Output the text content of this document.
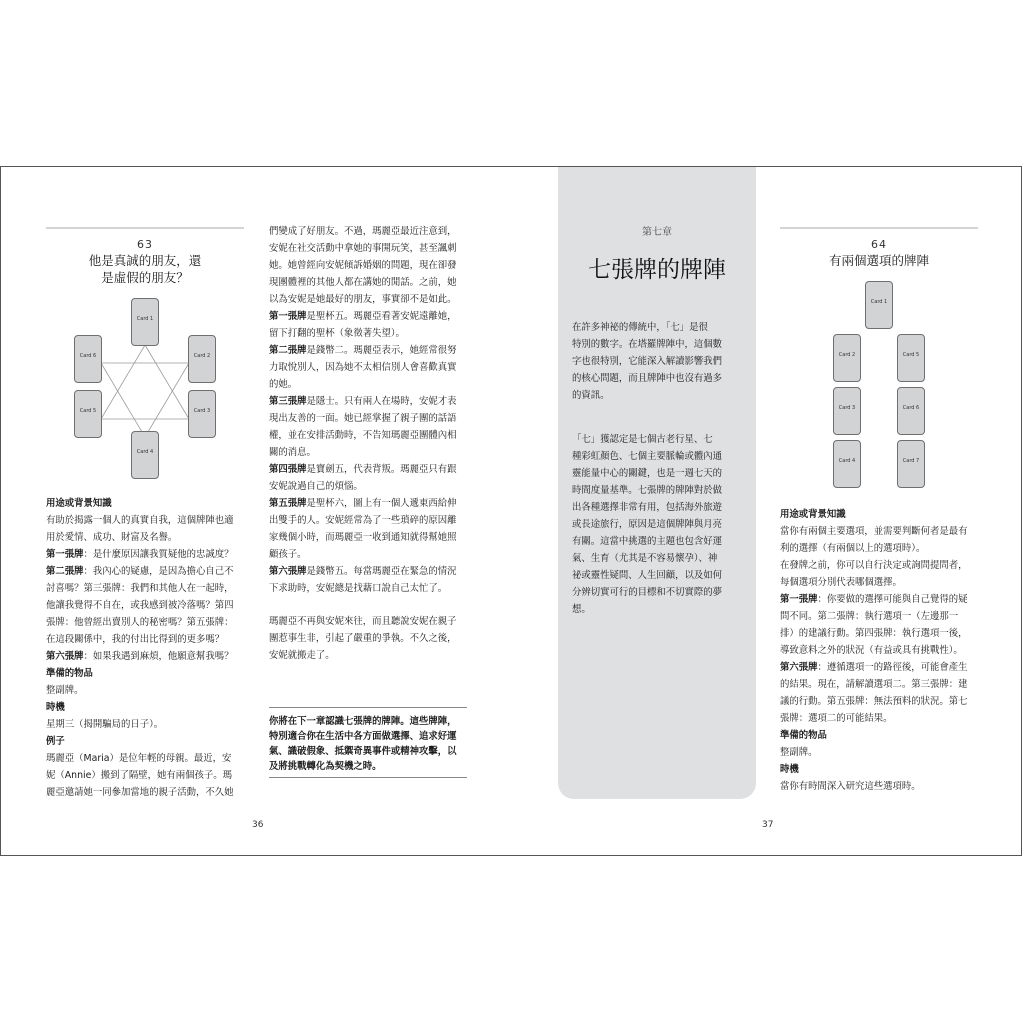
63
他是真誠的朋友，還
是虛假的朋友？
Card 1
Card 6	Card 2
Card 5	Card 3
Card 4

用途或背景知識

有助於揭露一個人的真實自我，這個牌陣也適

用於愛情、成功、財富及名譽。

第一張牌：是什麼原因讓我質疑他的忠誠度？

第二張牌：我內心的疑慮，是因為擔心自己不

討喜嗎？第三張牌：我們和其他人在一起時，

他讓我覺得不自在，或我感到被冷落嗎？第四

張牌：他曾經出賣別人的秘密嗎？第五張牌：

在這段關係中，我的付出比得到的更多嗎？

第六張牌：如果我遇到麻煩，他願意幫我嗎？

準備的物品

整副牌。

時機

星期三（揭開騙局的日子）。

例子

瑪麗亞（Maria）是位年輕的母親。最近，安

妮（Annie）搬到了隔壁，她有兩個孩子。瑪

麗亞邀請她一同參加當地的親子活動，不久她

們變成了好朋友。不過，瑪麗亞最近注意到，

安妮在社交活動中拿她的事開玩笑，甚至諷刺

她。她曾經向安妮傾訴婚姻的問題，現在卻發

現團體裡的其他人都在講她的閒話。之前，她

以為安妮是她最好的朋友，事實卻不是如此。

第一張牌是聖杯五。瑪麗亞看著安妮遠離她，

留下打翻的聖杯（象徵著失望）。

第二張牌是錢幣二。瑪麗亞表示，她經常很努

力取悅別人，因為她不太相信別人會喜歡真實

的她。

第三張牌是隱士。只有兩人在場時，安妮才表

現出友善的一面。她已經掌握了親子團的話語

權，並在安排活動時，不告知瑪麗亞團體內相

關的消息。

第四張牌是寶劍五，代表背叛。瑪麗亞只有跟

安妮說過自己的煩惱。

第五張牌是聖杯六，圖上有一個人遞東西給伸

出雙手的人。安妮經常為了一些瑣碎的原因離

家幾個小時，而瑪麗亞一收到通知就得幫她照

顧孩子。

第六張牌是錢幣五。每當瑪麗亞在緊急的情況

下求助時，安妮總是找藉口說自己太忙了。

瑪麗亞不再與安妮來往，而且聽說安妮在親子

團惹事生非，引起了嚴重的爭執。不久之後，

安妮就搬走了。

你將在下一章認識七張牌的牌陣。這些牌陣，

特別適合你在生活中各方面做選擇、追求好運

氣、識破假象、抵禦奇異事件或精神攻擊，以

及將挑戰轉化為契機之時。

36
第七章
七張牌的牌陣

在許多神祕的傳統中，「七」是很

特別的數字。在塔羅牌陣中，這個數

字也很特別，它能深入解讀影響我們

的核心問題，而且牌陣中也沒有過多

的資訊。

「七」獲認定是七個古老行星、七

種彩虹顏色、七個主要脈輪或體內通

靈能量中心的關鍵，也是一週七天的

時間度量基準。七張牌的牌陣對於做

出各種選擇非常有用，包括海外旅遊

或長途旅行，原因是這個牌陣與月亮

有關。這當中挑選的主題也包含好運

氣、生育（尤其是不容易懷孕）、神

祕或靈性疑問、人生回顧，以及如何

分辨切實可行的目標和不切實際的夢

想。

64
有兩個選項的牌陣
Card 1
Card 2
Card 3
Card 4
Card 5
Card 6
Card 7

用途或背景知識

當你有兩個主要選項，並需要判斷何者是最有

利的選擇（有兩個以上的選項時）。

在發牌之前，你可以自行決定或詢問提問者，

每個選項分別代表哪個選擇。

第一張牌：你要做的選擇可能與自己覺得的疑

問不同。第二張牌：執行選項一（左邊那一

排）的建議行動。第四張牌：執行選項一後，

導致意料之外的狀況（有益或具有挑戰性）。

第六張牌：遵循選項一的路徑後，可能會產生

的結果。現在，請解讀選項二。第三張牌：建

議的行動。第五張牌：無法預料的狀況。第七

張牌：選項二的可能結果。

準備的物品

整副牌。

時機

當你有時間深入研究這些選項時。

37
